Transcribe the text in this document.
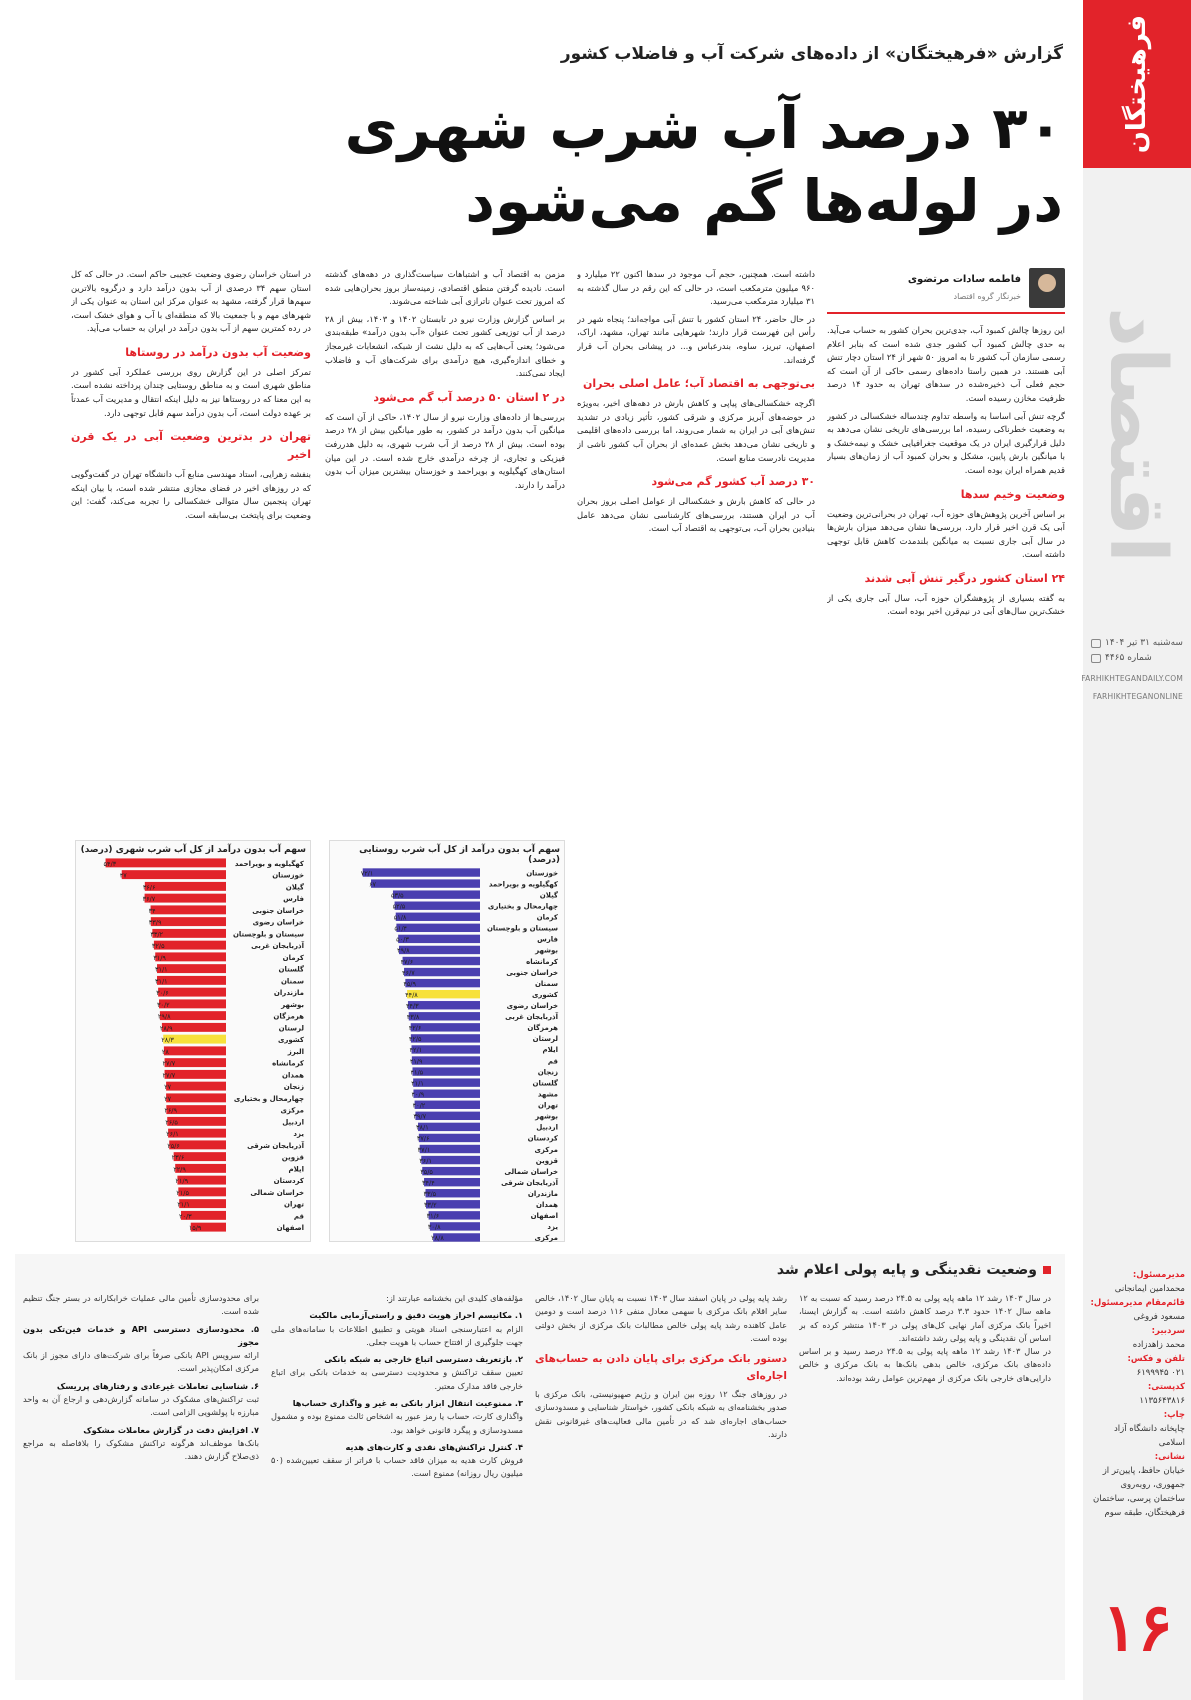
فرهیختگان
اقتصاد
سه‌شنبه ۳۱ تیر ۱۴۰۴
شماره ۴۴۶۵
FARHIKHTEGANDAILY.COM
FARHIKHTEGANONLINE
مدیرمسئول:
محمدامین ایمانجانی
قائم‌مقام مدیرمسئول:
مسعود فروغی
سردبیر:
محمد زاهدزاده
تلفن و فکس:
۰۲۱ ۶۱۹۹۹۴۵
کدپستی:
۱۱۳۵۶۴۳۸۱۶
چاپ:
چاپخانه دانشگاه آزاد اسلامی
نشانی:
خیابان حافظ، پایین‌تر از جمهوری، روبه‌روی ساختمان پرسی، ساختمان فرهیختگان، طبقه سوم
۱۶
گزارش «فرهیختگان» از داده‌های شرکت آب و فاضلاب کشور
۳۰ درصد آب شرب شهری
در لوله‌ها گم می‌شود

این روزها چالش کمبود آب، جدی‌ترین بحران کشور به حساب می‌آید. به حدی چالش کمبود آب کشور جدی شده است که بنابر اعلام رسمی سازمان آب کشور تا به امروز ۵۰ شهر از ۲۴ استان دچار تنش آبی هستند. در همین راستا داده‌های رسمی حاکی از آن است که حجم فعلی آب ذخیره‌شده در سدهای تهران به حدود ۱۴ درصد ظرفیت مخازن رسیده است.

گرچه تنش آبی اساسا به واسطه تداوم چندساله خشکسالی در کشور به وضعیت خطرناکی رسیده، اما بررسی‌های تاریخی نشان می‌دهد به دلیل قرارگیری ایران در یک موقعیت جغرافیایی خشک و نیمه‌خشک و با میانگین بارش پایین، مشکل و بحران کمبود آب از زمان‌های بسیار قدیم همراه ایران بوده است.

وضعیت وخیم سدها

بر اساس آخرین پژوهش‌های حوزه آب، تهران در بحرانی‌ترین وضعیت آبی یک قرن اخیر قرار دارد. بررسی‌ها نشان می‌دهد میزان بارش‌ها در سال آبی جاری نسبت به میانگین بلندمدت کاهش قابل توجهی داشته است.

۲۴ استان کشور درگیر تنش آبی شدند

به گفته بسیاری از پژوهشگران حوزه آب، سال آبی جاری یکی از خشک‌ترین سال‌های آبی در نیم‌قرن اخیر بوده است.

فاطمه سادات مرتضوی
خبرنگار گروه اقتصاد

داشته است. همچنین، حجم آب موجود در سدها اکنون ۲۲ میلیارد و ۹۶۰ میلیون مترمکعب است، در حالی که این رقم در سال گذشته به ۳۱ میلیارد مترمکعب می‌رسید.

در حال حاضر، ۲۴ استان کشور با تنش آبی مواجه‌اند؛ پنجاه شهر در رأس این فهرست قرار دارند؛ شهرهایی مانند تهران، مشهد، اراک، اصفهان، تبریز، ساوه، بندرعباس و... در پیشانی بحران آب قرار گرفته‌اند.

بی‌توجهی به اقتصاد آب؛ عامل اصلی بحران

اگرچه خشکسالی‌های پیاپی و کاهش بارش در دهه‌های اخیر، به‌ویژه در حوضه‌های آبریز مرکزی و شرقی کشور، تأثیر زیادی در تشدید تنش‌های آبی در ایران به شمار می‌روند، اما بررسی داده‌های اقلیمی و تاریخی نشان می‌دهد بخش عمده‌ای از بحران آب کشور ناشی از مدیریت نادرست منابع است.

۳۰ درصد آب کشور گم می‌شود

در حالی که کاهش بارش و خشکسالی از عوامل اصلی بروز بحران آب در ایران هستند، بررسی‌های کارشناسی نشان می‌دهد عامل بنیادین بحران آب، بی‌توجهی به اقتصاد آب است.

مزمن به اقتصاد آب و اشتباهات سیاست‌گذاری در دهه‌های گذشته است. نادیده گرفتن منطق اقتصادی، زمینه‌ساز بروز بحران‌هایی شده که امروز تحت عنوان ناترازی آبی شناخته می‌شوند.

بر اساس گزارش وزارت نیرو در تابستان ۱۴۰۲ و ۱۴۰۳، بیش از ۲۸ درصد از آب توزیعی کشور تحت عنوان «آب بدون درآمد» طبقه‌بندی می‌شود؛ یعنی آب‌هایی که به دلیل نشت از شبکه، انشعابات غیرمجاز و خطای اندازه‌گیری، هیچ درآمدی برای شرکت‌های آب و فاضلاب ایجاد نمی‌کنند.

در ۲ استان ۵۰ درصد آب گم می‌شود

بررسی‌ها از داده‌های وزارت نیرو از سال ۱۴۰۲، حاکی از آن است که میانگین آب بدون درآمد در کشور، به طور میانگین بیش از ۲۸ درصد بوده است. بیش از ۲۸ درصد از آب شرب شهری، به دلیل هدررفت فیزیکی و تجاری، از چرخه درآمدی خارج شده است. در این میان استان‌های کهگیلویه و بویراحمد و خوزستان بیشترین میزان آب بدون درآمد را دارند.

در استان خراسان رضوی وضعیت عجیبی حاکم است. در حالی که کل استان سهم ۳۴ درصدی از آب بدون درآمد دارد و درگروه بالاترین سهم‌ها قرار گرفته، مشهد به عنوان مرکز این استان به عنوان یکی از شهرهای مهم و با جمعیت بالا که منطقه‌ای با آب و هوای خشک است، در رده کمترین سهم از آب بدون درآمد در ایران به حساب می‌آید.

وضعیت آب بدون درآمد در روستاها

تمرکز اصلی در این گزارش روی بررسی عملکرد آبی کشور در مناطق شهری است و به مناطق روستایی چندان پرداخته نشده است. به این معنا که در روستاها نیز به دلیل اینکه انتقال و مدیریت آب عمدتاً بر عهده دولت است، آب بدون درآمد سهم قابل توجهی دارد.

تهران در بدترین وضعیت آبی در یک قرن اخیر

بنفشه زهرایی، استاد مهندسی منابع آب دانشگاه تهران در گفت‌وگویی که در روزهای اخیر در فضای مجازی منتشر شده است، با بیان اینکه تهران پنجمین سال متوالی خشکسالی را تجربه می‌کند، گفت: این وضعیت برای پایتخت بی‌سابقه است.

سهم آب بدون درآمد از کل آب شرب روستایی (درصد)
خوزستان
۷۲/۱
کهگیلویه و بویراحمد
۶۷
گیلان
۵۳/۵
چهارمحال و بختیاری
۵۲/۵
کرمان
۵۱/۸
سیستان و بلوچستان
۵۱/۴
فارس
۵۰/۳
بوشهر
۴۹/۸
کرمانشاه
۴۷/۶
خراسان جنوبی
۴۶/۷
سمنان
۴۵/۹
کشوری
۴۴/۸
خراسان رضوی
۴۴/۳
آذربایجان غربی
۴۳/۸
هرمزگان
۴۲/۶
لرستان
۴۲/۵
ایلام
۴۲/۱
قم
۴۱/۹
زنجان
۴۱/۵
گلستان
۴۱/۱
مشهد
۴۰/۹
تهران
۴۰/۲
بوشهر
۳۹/۷
اردبیل
۳۸/۱
کردستان
۳۷/۶
مرکزی
۳۷/۱
قزوین
۳۶/۱
خراسان شمالی
۳۵/۵
آذربایجان شرقی
۳۴/۴
مازندران
۳۳/۵
همدان
۳۳/۲
اصفهان
۳۱/۶
یزد
۳۰/۸
مرکزی
۲۸/۸
سهم آب بدون درآمد از کل آب شرب شهری (درصد)
کهگیلویه و بویراحمد
۵۴/۳
خوزستان
۴۷
گیلان
۳۶/۶
فارس
۳۶/۷
خراسان جنوبی
۳۴
خراسان رضوی
۳۳/۹
سیستان و بلوچستان
۳۳/۲
آذربایجان غربی
۳۲/۵
کرمان
۳۱/۹
گلستان
۳۱/۱
سمنان
۳۱/۱
مازندران
۳۰/۶
بوشهر
۳۰/۲
هرمزگان
۲۹/۸
لرستان
۲۸/۹
کشوری
۲۸/۳
البرز
۲۸
کرمانشاه
۲۷/۷
همدان
۲۷/۷
زنجان
۲۷
چهارمحال و بختیاری
۲۷
مرکزی
۲۶/۹
اردبیل
۲۶/۵
یزد
۲۶/۱
آذربایجان شرقی
۲۵/۶
قزوین
۲۳/۶
ایلام
۲۲/۹
کردستان
۲۱/۹
خراسان شمالی
۲۱/۵
تهران
۲۱/۱
قم
۲۰/۳
اصفهان
۱۵/۹
وضعیت نقدینگی و پایه پولی اعلام شد

در سال ۱۴۰۳ رشد ۱۲ ماهه پایه پولی به ۲۴.۵ درصد رسید که نسبت به ۱۲ ماهه سال ۱۴۰۲ حدود ۳.۳ درصد کاهش داشته است. به گزارش ایسنا، اخیراً بانک مرکزی آمار نهایی کل‌های پولی در ۱۴۰۳ منتشر کرده که بر اساس آن نقدینگی و پایه پولی رشد داشته‌اند.

در سال ۱۴۰۳ رشد ۱۲ ماهه پایه پولی به ۲۴.۵ درصد رسید و بر اساس داده‌های بانک مرکزی، خالص بدهی بانک‌ها به بانک مرکزی و خالص دارایی‌های خارجی بانک مرکزی از مهم‌ترین عوامل رشد بوده‌اند.

رشد پایه پولی در پایان اسفند سال ۱۴۰۳ نسبت به پایان سال ۱۴۰۲، خالص سایر اقلام بانک مرکزی با سهمی معادل منفی ۱۱۶ درصد است و دومین عامل کاهنده رشد پایه پولی خالص مطالبات بانک مرکزی از بخش دولتی بوده است.

دستور بانک مرکزی برای پایان دادن به حساب‌های اجاره‌ای

در روزهای جنگ ۱۲ روزه بین ایران و رژیم صهیونیستی، بانک مرکزی با صدور بخشنامه‌ای به شبکه بانکی کشور، خواستار شناسایی و مسدودسازی حساب‌های اجاره‌ای شد که در تأمین مالی فعالیت‌های غیرقانونی نقش دارند.

مؤلفه‌های کلیدی این بخشنامه عبارتند از:

۱. مکانیسم احراز هویت دقیق و راستی‌آزمایی مالکیت

الزام به اعتبارسنجی اسناد هویتی و تطبیق اطلاعات با سامانه‌های ملی جهت جلوگیری از افتتاح حساب با هویت جعلی.

۲. بازتعریف دسترسی اتباع خارجی به شبکه بانکی

تعیین سقف تراکنش و محدودیت دسترسی به خدمات بانکی برای اتباع خارجی فاقد مدارک معتبر.

۳. ممنوعیت انتقال ابزار بانکی به غیر و واگذاری حساب‌ها

واگذاری کارت، حساب یا رمز عبور به اشخاص ثالث ممنوع بوده و مشمول مسدودسازی و پیگرد قانونی خواهد بود.

۴. کنترل تراکنش‌های نقدی و کارت‌های هدیه

فروش کارت هدیه به میزان فاقد حساب با فراتر از سقف تعیین‌شده (۵۰ میلیون ریال روزانه) ممنوع است.

برای محدودسازی تأمین مالی عملیات خرابکارانه در بستر جنگ تنظیم شده است.

۵. محدودسازی دسترسی API و خدمات فین‌تکی بدون مجوز

ارائه سرویس API بانکی صرفاً برای شرکت‌های دارای مجوز از بانک مرکزی امکان‌پذیر است.

۶. شناسایی تعاملات غیرعادی و رفتارهای پرریسک

ثبت تراکنش‌های مشکوک در سامانه گزارش‌دهی و ارجاع آن به واحد مبارزه با پولشویی الزامی است.

۷. افزایش دقت در گزارش معاملات مشکوک

بانک‌ها موظف‌اند هرگونه تراکنش مشکوک را بلافاصله به مراجع ذی‌صلاح گزارش دهند.
